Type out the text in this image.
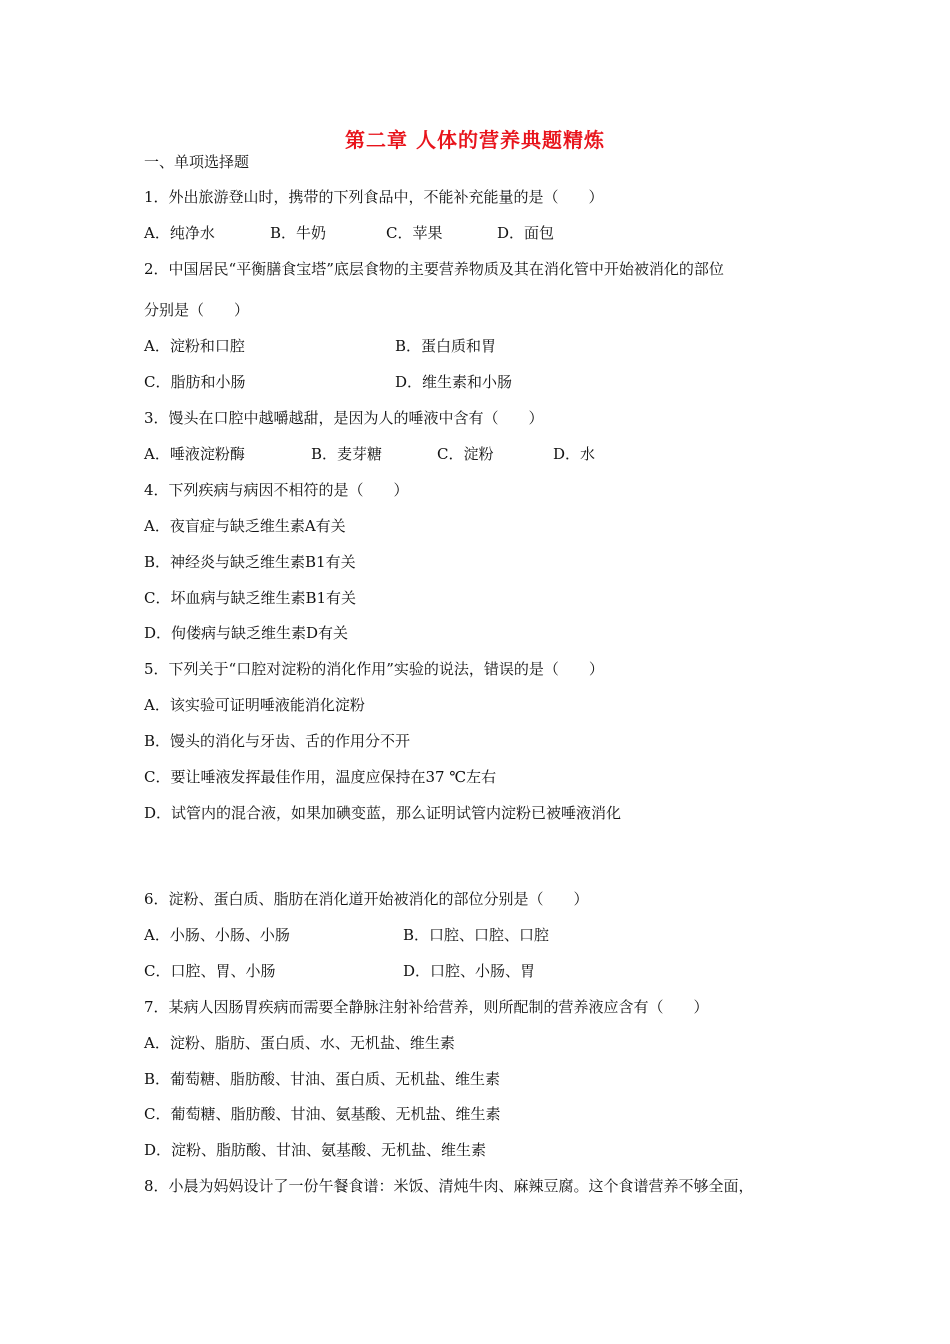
第二章 人体的营养典题精炼
一、单项选择题
1．外出旅游登山时，携带的下列食品中，不能补充能量的是（　　）
A．纯净水	B．牛奶	C．苹果	D．面包
2．中国居民“平衡膳食宝塔”底层食物的主要营养物质及其在消化管中开始被消化的部位
分别是（　　）
A．淀粉和口腔	B．蛋白质和胃
C．脂肪和小肠	D．维生素和小肠
3．馒头在口腔中越嚼越甜，是因为人的唾液中含有（　　）
A．唾液淀粉酶	B．麦芽糖	C．淀粉	D．水
4．下列疾病与病因不相符的是（　　）
A．夜盲症与缺乏维生素A有关
B．神经炎与缺乏维生素B1有关
C．坏血病与缺乏维生素B1有关
D．佝偻病与缺乏维生素D有关
5．下列关于“口腔对淀粉的消化作用”实验的说法，错误的是（　　）
A．该实验可证明唾液能消化淀粉
B．馒头的消化与牙齿、舌的作用分不开
C．要让唾液发挥最佳作用，温度应保持在37 ℃左右
D．试管内的混合液，如果加碘变蓝，那么证明试管内淀粉已被唾液消化
6．淀粉、蛋白质、脂肪在消化道开始被消化的部位分别是（　　）
A．小肠、小肠、小肠	B．口腔、口腔、口腔
C．口腔、胃、小肠	D．口腔、小肠、胃
7．某病人因肠胃疾病而需要全静脉注射补给营养，则所配制的营养液应含有（　　）
A．淀粉、脂肪、蛋白质、水、无机盐、维生素
B．葡萄糖、脂肪酸、甘油、蛋白质、无机盐、维生素
C．葡萄糖、脂肪酸、甘油、氨基酸、无机盐、维生素
D．淀粉、脂肪酸、甘油、氨基酸、无机盐、维生素
8．小晨为妈妈设计了一份午餐食谱：米饭、清炖牛肉、麻辣豆腐。这个食谱营养不够全面，
